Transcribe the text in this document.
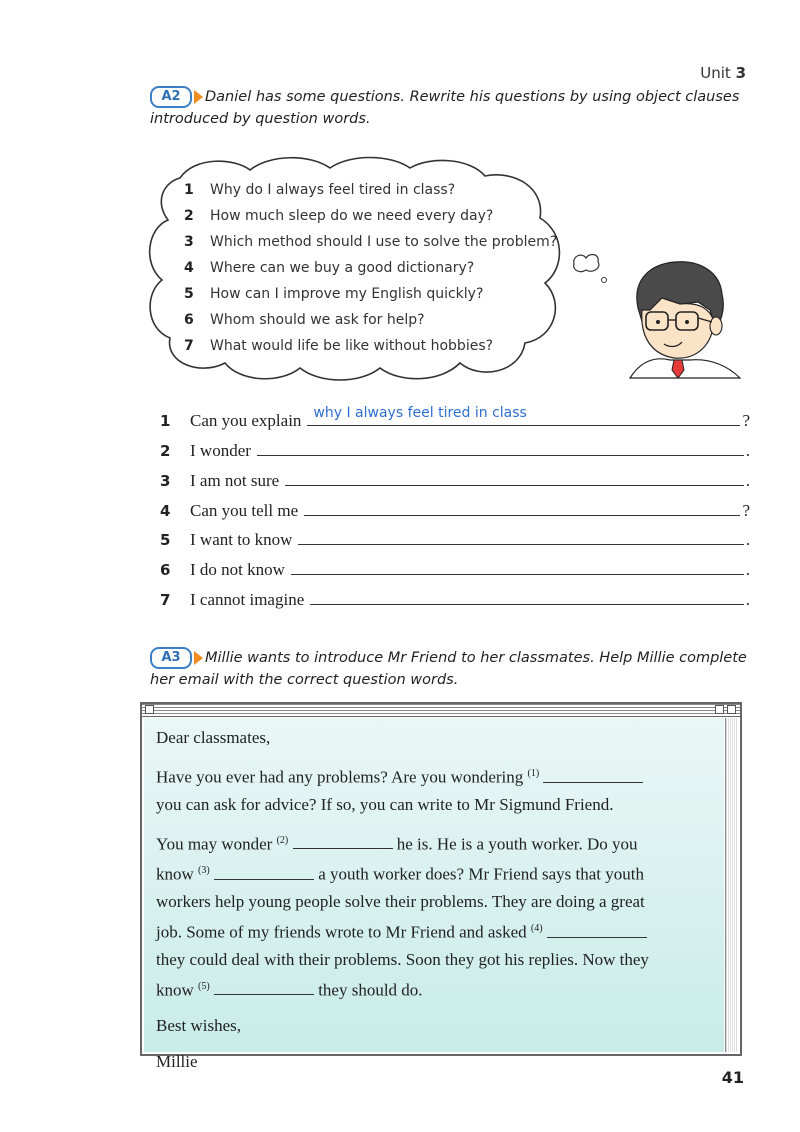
Unit 3
A2	Daniel has some questions. Rewrite his questions by using object clauses
introduced by question words.
1 Why do I always feel tired in class?
2 How much sleep do we need every day?
3 Which method should I use to solve the problem?
4 Where can we buy a good dictionary?
5 How can I improve my English quickly?
6 Whom should we ask for help?
7 What would life be like without hobbies?
1	Can you explain why I always feel tired in class	?
2	I wonder	.
3	I am not sure	.
4	Can you tell me	?
5	I want to know	.
6	I do not know	.
7	I cannot imagine	.
A3	Millie wants to introduce Mr Friend to her classmates. Help Millie complete
her email with the correct question words.

Dear classmates,

Have you ever had any problems? Are you wondering $^{(1)}$
you can ask for advice? If so, you can write to Mr Sigmund Friend.

You may wonder $^{(2)}$	he is. He is a youth worker. Do you
know $^{(3)}$	a youth worker does? Mr Friend says that youth
workers help young people solve their problems. They are doing a great
job. Some of my friends wrote to Mr Friend and asked $^{(4)}$
they could deal with their problems. Soon they got his replies. Now they
know $^{(5)}$	they should do.

Best wishes,

Millie

41
